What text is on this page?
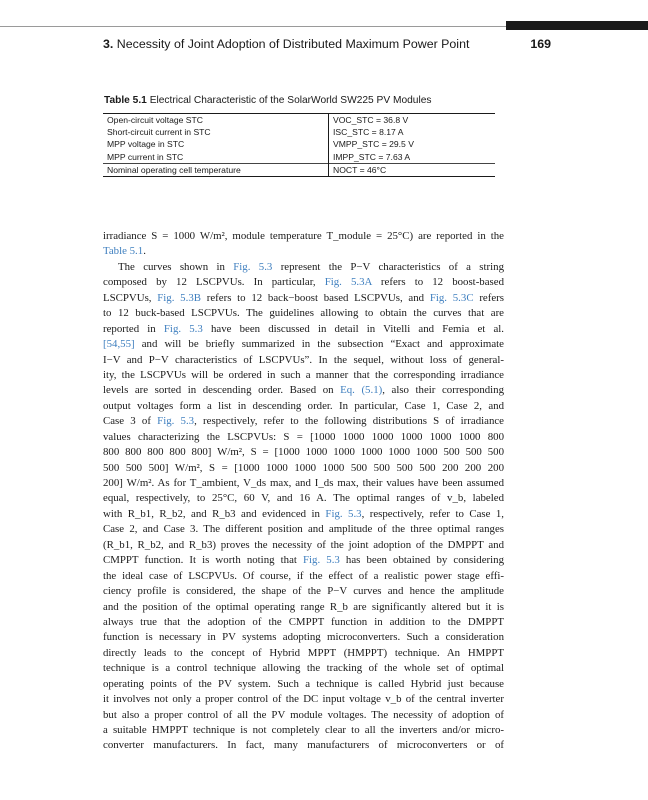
3. Necessity of Joint Adoption of Distributed Maximum Power Point	169
Table 5.1 Electrical Characteristic of the SolarWorld SW225 PV Modules
Open-circuit voltage STC	VOC_STC = 36.8 V
Short-circuit current in STC	ISC_STC = 8.17 A
MPP voltage in STC	VMPP_STC = 29.5 V
MPP current in STC	IMPP_STC = 7.63 A
Nominal operating cell temperature	NOCT = 46°C
irradiance S = 1000 W/m², module temperature T_module = 25°C) are reported in the
Table 5.1.
The curves shown in Fig. 5.3 represent the P−V characteristics of a string
composed by 12 LSCPVUs. In particular, Fig. 5.3A refers to 12 boost-based
LSCPVUs, Fig. 5.3B refers to 12 back−boost based LSCPVUs, and Fig. 5.3C refers
to 12 buck-based LSCPVUs. The guidelines allowing to obtain the curves that are
reported in Fig. 5.3 have been discussed in detail in Vitelli and Femia et al.
[54,55] and will be briefly summarized in the subsection “Exact and approximate
I−V and P−V characteristics of LSCPVUs”. In the sequel, without loss of general-
ity, the LSCPVUs will be ordered in such a manner that the corresponding irradiance
levels are sorted in descending order. Based on Eq. (5.1), also their corresponding
output voltages form a list in descending order. In particular, Case 1, Case 2, and
Case 3 of Fig. 5.3, respectively, refer to the following distributions S of irradiance
values characterizing the LSCPVUs: S = [1000 1000 1000 1000 1000 1000 800
800 800 800 800 800] W/m², S = [1000 1000 1000 1000 1000 1000 500 500 500
500 500 500] W/m², S = [1000 1000 1000 1000 500 500 500 500 200 200 200
200] W/m². As for T_ambient, V_ds max, and I_ds max, their values have been assumed
equal, respectively, to 25°C, 60 V, and 16 A. The optimal ranges of v_b, labeled
with R_b1, R_b2, and R_b3 and evidenced in Fig. 5.3, respectively, refer to Case 1,
Case 2, and Case 3. The different position and amplitude of the three optimal ranges
(R_b1, R_b2, and R_b3) proves the necessity of the joint adoption of the DMPPT and
CMPPT function. It is worth noting that Fig. 5.3 has been obtained by considering
the ideal case of LSCPVUs. Of course, if the effect of a realistic power stage effi-
ciency profile is considered, the shape of the P−V curves and hence the amplitude
and the position of the optimal operating range R_b are significantly altered but it is
always true that the adoption of the CMPPT function in addition to the DMPPT
function is necessary in PV systems adopting microconverters. Such a consideration
directly leads to the concept of Hybrid MPPT (HMPPT) technique. An HMPPT
technique is a control technique allowing the tracking of the whole set of optimal
operating points of the PV system. Such a technique is called Hybrid just because
it involves not only a proper control of the DC input voltage v_b of the central inverter
but also a proper control of all the PV module voltages. The necessity of adoption of
a suitable HMPPT technique is not completely clear to all the inverters and/or micro-
converter manufacturers. In fact, many manufacturers of microconverters or of
